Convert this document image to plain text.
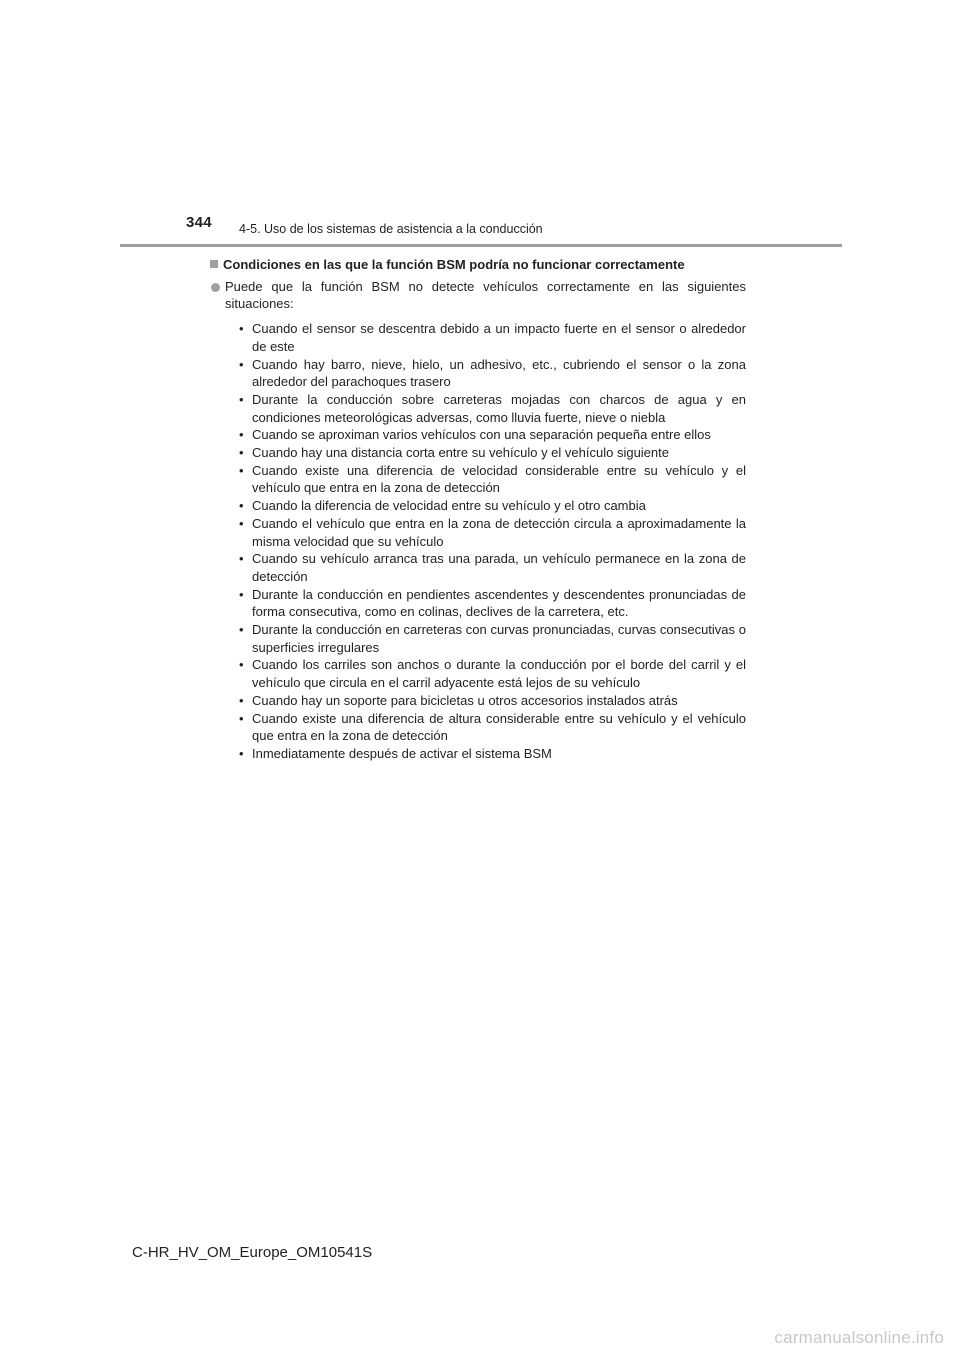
344 4-5. Uso de los sistemas de asistencia a la conducción

Condiciones en las que la función BSM podría no funcionar correctamente

Puede que la función BSM no detecte vehículos correctamente en las siguientes situaciones:

• Cuando el sensor se descentra debido a un impacto fuerte en el sensor o alrededor de este
• Cuando hay barro, nieve, hielo, un adhesivo, etc., cubriendo el sensor o la zona alrededor del parachoques trasero
• Durante la conducción sobre carreteras mojadas con charcos de agua y en condiciones meteorológicas adversas, como lluvia fuerte, nieve o niebla
• Cuando se aproximan varios vehículos con una separación pequeña entre ellos
• Cuando hay una distancia corta entre su vehículo y el vehículo siguiente
• Cuando existe una diferencia de velocidad considerable entre su vehículo y el vehículo que entra en la zona de detección
• Cuando la diferencia de velocidad entre su vehículo y el otro cambia
• Cuando el vehículo que entra en la zona de detección circula a aproximadamente la misma velocidad que su vehículo
• Cuando su vehículo arranca tras una parada, un vehículo permanece en la zona de detección
• Durante la conducción en pendientes ascendentes y descendentes pronunciadas de forma consecutiva, como en colinas, declives de la carretera, etc.
• Durante la conducción en carreteras con curvas pronunciadas, curvas consecutivas o superficies irregulares
• Cuando los carriles son anchos o durante la conducción por el borde del carril y el vehículo que circula en el carril adyacente está lejos de su vehículo
• Cuando hay un soporte para bicicletas u otros accesorios instalados atrás
• Cuando existe una diferencia de altura considerable entre su vehículo y el vehículo que entra en la zona de detección
• Inmediatamente después de activar el sistema BSM
C-HR_HV_OM_Europe_OM10541S
carmanualsonline.info
